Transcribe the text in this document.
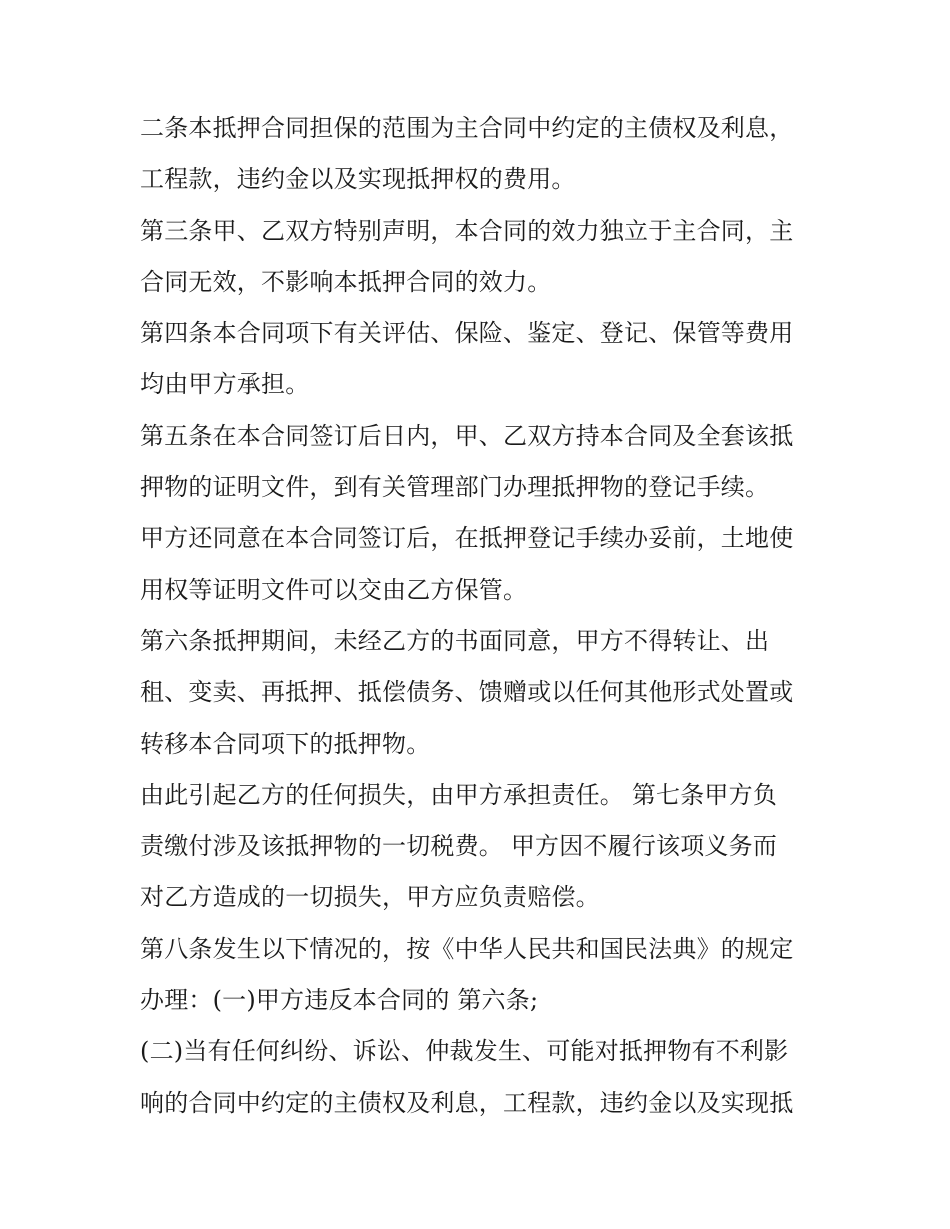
二条本抵押合同担保的范围为主合同中约定的主债权及利息，
工程款，违约金以及实现抵押权的费用。
第三条甲、乙双方特别声明，本合同的效力独立于主合同，主
合同无效，不影响本抵押合同的效力。
第四条本合同项下有关评估、保险、鉴定、登记、保管等费用
均由甲方承担。
第五条在本合同签订后日内，甲、乙双方持本合同及全套该抵
押物的证明文件，到有关管理部门办理抵押物的登记手续。
甲方还同意在本合同签订后，在抵押登记手续办妥前，土地使
用权等证明文件可以交由乙方保管。
第六条抵押期间，未经乙方的书面同意，甲方不得转让、出
租、变卖、再抵押、抵偿债务、馈赠或以任何其他形式处置或
转移本合同项下的抵押物。
由此引起乙方的任何损失，由甲方承担责任。 第七条甲方负
责缴付涉及该抵押物的一切税费。 甲方因不履行该项义务而
对乙方造成的一切损失，甲方应负责赔偿。
第八条发生以下情况的，按《中华人民共和国民法典》的规定
办理：(一)甲方违反本合同的 第六条;
(二)当有任何纠纷、诉讼、仲裁发生、可能对抵押物有不利影
响的合同中约定的主债权及利息，工程款，违约金以及实现抵
